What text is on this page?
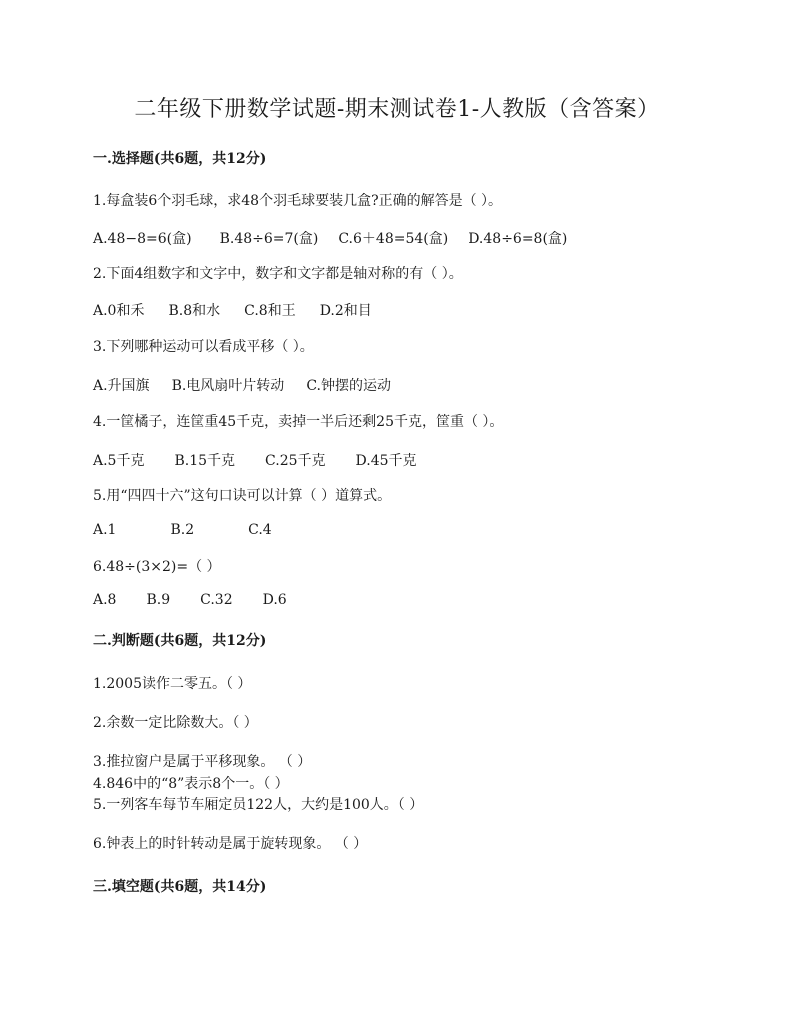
二年级下册数学试题-期末测试卷1-人教版（含答案）
一.选择题(共6题，共12分)
1.每盒装6个羽毛球，求48个羽毛球要装几盒?正确的解答是（ ）。
A.48−8=6(盒) B.48÷6=7(盒) C.6＋48=54(盒) D.48÷6=8(盒)
2.下面4组数字和文字中，数字和文字都是轴对称的有（ ）。
A.0和禾 B.8和水 C.8和王 D.2和目
3.下列哪种运动可以看成平移（ ）。
A.升国旗 B.电风扇叶片转动 C.钟摆的运动
4.一筐橘子，连筐重45千克，卖掉一半后还剩25千克，筐重（ ）。
A.5千克 B.15千克 C.25千克 D.45千克
5.用“四四十六”这句口诀可以计算（ ）道算式。
A.1	B.2	C.4
6.48÷(3×2)=（ ）
A.8 B.9 C.32 D.6
二.判断题(共6题，共12分)
1.2005读作二零五。（ ）
2.余数一定比除数大。（ ）
3.推拉窗户是属于平移现象。 （ ）
4.846中的“8”表示8个一。（ ）
5.一列客车每节车厢定员122人，大约是100人。（ ）
6.钟表上的时针转动是属于旋转现象。 （ ）
三.填空题(共6题，共14分)
